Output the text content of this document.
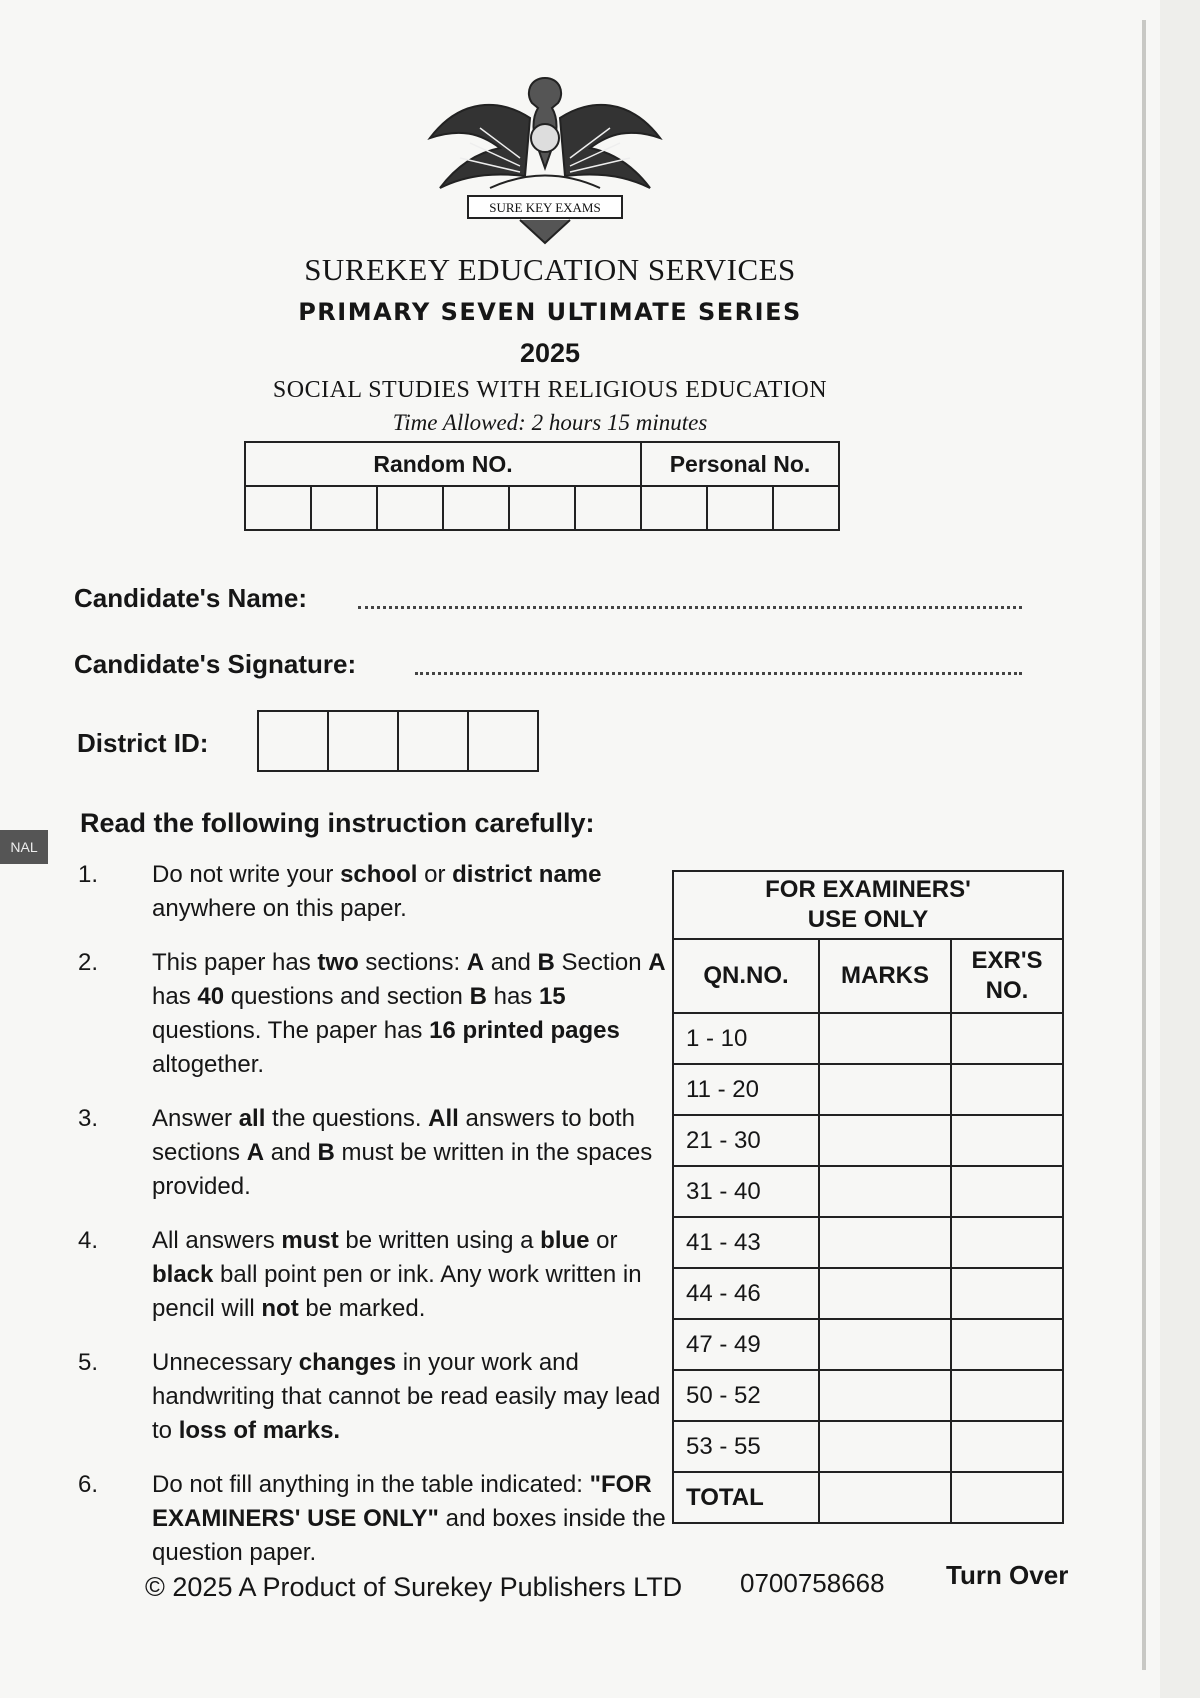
NAL
SURE KEY EXAMS
SUREKEY EDUCATION SERVICES
PRIMARY SEVEN ULTIMATE SERIES
2025
SOCIAL STUDIES WITH RELIGIOUS EDUCATION
Time Allowed: 2 hours 15 minutes
Random NO.						Personal No.		

Candidate's Name:
Candidate's Signature:
District ID:

Read the following instruction carefully:
1.	Do not write your school or district name anywhere on this paper.
2.	This paper has two sections: A and B Section A has 40 questions and section B has 15 questions. The paper has 16 printed pages altogether.
3.	Answer all the questions. All answers to both sections A and B must be written in the spaces provided.
4.	All answers must be written using a blue or black ball point pen or ink. Any work written in pencil will not be marked.
5.	Unnecessary changes in your work and handwriting that cannot be read easily may lead to loss of marks.
6.	Do not fill anything in the table indicated: "FOR EXAMINERS' USE ONLY" and boxes inside the question paper.
FOR EXAMINERS'
USE ONLY		
QN.NO.	MARKS	EXR'S
NO.
1 - 10		
11 - 20		
21 - 30		
31 - 40		
41 - 43		
44 - 46		
47 - 49		
50 - 52		
53 - 55		
TOTAL		
© 2025 A Product of Surekey Publishers LTD 0700758668 Turn Over
